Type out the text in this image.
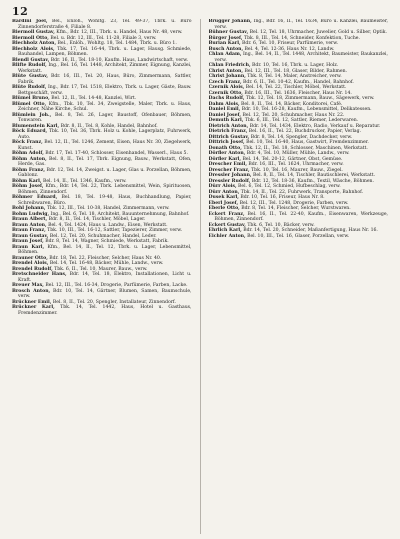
12

Bardini Joel, Bel., Enlöh., Wohltg. 23, Tel. 49-37, Tbrk. u. Büro Zinnendorferstraße 4, Filiale 8.

Biermoll Gustav, Kfm., Bdr. 12, III., Tbrk. u. Handel, Haus Nr. 48, verw.

Biermoll Otto, Bel. u. Bdr. 12, III., Tel. 11-28, Filiale 3, verw.

Blechholz Anton, Bel., Enlöh., Wohltg. 18, Tel. 1484, Tbrk. u. Büro 1.

Blechholz Alois, Tbk. 17, Tel. 16-44, Tbrk. u. Lager, Hausg. Schmiede, Bauhandel, Lampen, Böhmen.

Blendl Gustav, Bdr. 16, II., Tel. 18-10, Kaufm. Haus, Landwirtschaft, verw.

Blifte Rudolf, Ing., Bel. 16, Tel. 1448, Architekt, Zimmer, Eignung, Kanzlei, Werkstatt.

Blüte Gustav, Bdr. 16, III., Tel. 20, Haus, Büro, Zimmermann, Sattler, Fabrik.

Blüte Rudolf, Ing., Bdr. 17, Tel. 1518, Elektro, Tbrk. u. Lager, Gäste, Bauw. Bettgeschäft, verw.

Blümel Bruno, Bel. 12, II., Tel. 14-48, Kanzlei, Wirt.

Blümel Otto, Kfm., Tbk. 10, Tel. 34, Zweigstelle, Maler, Tbrk. u. Haus, Zeichner, Nähe Kirche, Schul.

Blümlein Joh., Bel. 8, Tel. 26, Lager, Baustoff, Ofenbauer, Böhmen, Tonwaren.

Blumenstein Karl, Bdr. 8, II., Tel. 8, Kohle, Handel, Bahnhof.

Böck Eduard, Tbk. 10, Tel. 36, Tbrk. Holz u. Kohle, Lagerplatz, Fuhrwerk, Auto.

Böck Franz, Bel. 12, II., Tel. 1246, Zement, Eisen, Haus Nr. 30, Ziegelwerk, Kunst.

Böhm Adolf, Bdr. 17, Tel. 17-40, Schlosser, Eisenhandel, Wasserl., Haus 5.

Böhm Anton, Bel. 8, II., Tel. 17, Tbrk. Eignung, Bauw., Werkstatt, Ofen, Herde, Gas.

Böhm Franz, Bdr. 12, Tel. 14, Zweigst. u. Lager, Glas u. Porzellan, Böhmen, Gablonz.

Böhm Karl, Bel. 14, II., Tel. 1346, Kaufm., verw.

Böhm Josef, Kfm., Bdr. 14, Tel. 22, Tbrk. Lebensmittel, Wein, Spirituosen, Böhmen, Zinnendorf.

Böhmer Eduard, Bel. 18, Tel. 19-48, Haus, Buchhandlung, Papier, Schreibwaren, Büro.

Bohl Johann, Tbk. 12, III., Tel. 10-38, Handel, Zimmermann, verw.

Bohm Ludwig, Ing., Bel. 6, Tel. 18, Architekt, Bauunternehmung, Bahnhof.

Braun Albert, Bdr. 8, II., Tel. 14, Tischler, Möbel, Lager.

Braun Anton, Bel. 4, Tel. 1424, Haus u. Landw., Eisen, Werkstatt.

Braun Franz, Tbk. 10, III., Tel. 16-12, Sattler, Tapezierer, Zimmer, verw.

Braun Gustav, Bel. 12, Tel. 20, Schuhmacher, Handel, Leder.

Braun Josef, Bdr. 8, Tel. 14, Wagner, Schmiede, Werkstatt, Fabrik.

Braun Karl, Kfm., Bel. 14, II., Tel. 12, Tbrk. u. Lager, Lebensmittel, Böhmen.

Brauner Otto, Bdr. 18, Tel. 22, Fleischer, Selcher, Haus Nr. 40.

Brendel Alois, Bel. 14, Tel. 16-48, Bäcker, Mühle, Landw., verw.

Brendel Rudolf, Tbk. 6, II., Tel. 10, Maurer, Bauw., verw.

Bretschneider Hans, Bdr. 14, Tel. 18, Elektro, Installationen, Licht u. Kraft.

Breuer Max, Bel. 12, III., Tel. 16-34, Drogerie, Parfümerie, Farben, Lacke.

Brosch Anton, Bdr. 10, Tel. 14, Gärtner, Blumen, Samen, Baumschule, verw.

Brückner Emil, Bel. 8, II., Tel. 20, Spengler, Installateur, Zinnendorf.

Brückner Karl, Tbk. 14, Tel. 1442, Haus, Hotel u. Gasthaus, Fremdenzimmer.

Brugger Johann, Ing., Bdr. 16, II., Tel. 1634, Büro u. Kanzlei, Baumeister, verw.

Bühner Gustav, Bel. 12, Tel. 18, Uhrmacher, Juwelier, Gold u. Silber, Optik.

Bürger Josef, Tbk. 8, III., Tel. 14, Schneider, Konfektion, Tuche.

Burian Karl, Bdr. 6, Tel. 10, Friseur, Parfümerie, verw.

Busch Anton, Bel. 4, Tel. 12-36, Haus Nr. 12, Landw.

Chlan Adam, Ing., Bel. 14, II., Tel. 1448, Architekt, Baumeister, Baukanzlei, verw.

Chlan Friedrich, Bdr. 10, Tel. 16, Tbrk. u. Lager, Holz.

Christ Anton, Bel. 12, III., Tel. 18, Glaser, Bilder, Rahmen.

Christ Johann, Tbk. 8, Tel. 14, Maler, Anstreicher, verw.

Czech Franz, Bdr. 6, II., Tel. 10-42, Kaufm., Handel, Bahnhof.

Czernik Alois, Bel. 14, Tel. 22, Tischler, Möbel, Werkstatt.

Czernik Otto, Bdr. 16, III., Tel. 1636, Fleischer, Haus Nr. 14.

Dachs Rudolf, Tbk. 12, Tel. 18, Zimmermann, Bauw., Sägewerk, verw.

Dahm Alois, Bel. 8, II., Tel. 14, Bäcker, Konditorei, Café.

Daniel Emil, Bdr. 10, Tel. 16-28, Kaufm., Lebensmittel, Delikatessen.

Daniel Josef, Bel. 12, Tel. 20, Schuhmacher, Haus Nr. 22.

Demuth Karl, Tbk. 6, III., Tel. 12, Sattler, Riemer, Lederwaren.

Dietrich Anton, Bdr. 14, Tel. 1434, Elektro, Radio, Verkauf u. Reparatur.

Dietrich Franz, Bel. 16, II., Tel. 22, Buchdrucker, Papier, Verlag.

Dittrich Gustav, Bdr. 8, Tel. 14, Spengler, Dachdecker, verw.

Dittrich Josef, Bel. 10, Tel. 16-40, Haus, Gastwirt, Fremdenzimmer.

Donath Otto, Tbk. 12, II., Tel. 18, Schlosser, Maschinen, Werkstatt.

Dörfler Anton, Bdr. 4, Tel. 10, Müller, Mühle, Landw., verw.

Dörfler Karl, Bel. 14, Tel. 20-12, Gärtner, Obst, Gemüse.

Drescher Emil, Bdr. 16, III., Tel. 1624, Uhrmacher, verw.

Drescher Franz, Tbk. 10, Tel. 16, Maurer, Bauw., Ziegel.

Dressler Johann, Bel. 8, II., Tel. 14, Tischler, Bautischlerei, Werkstatt.

Dressler Rudolf, Bdr. 12, Tel. 18-36, Kaufm., Textil, Wäsche, Böhmen.

Dürr Alois, Bel. 6, Tel. 12, Schmied, Hufbeschlag, verw.

Dürr Anton, Tbk. 14, II., Tel. 22, Fuhrwerk, Transporte, Bahnhof.

Dusek Karl, Bdr. 10, Tel. 16, Friseur, Haus Nr. 8.

Eberl Josef, Bel. 12, III., Tel. 1248, Drogerie, Farben, verw.

Eberle Otto, Bdr. 8, Tel. 14, Fleischer, Selcher, Wurstwaren.

Eckert Franz, Bel. 16, II., Tel. 22-40, Kaufm., Eisenwaren, Werkzeuge, Böhmen, Zinnendorf.

Eckert Gustav, Tbk. 6, Tel. 10, Bäcker, verw.

Ehrlich Karl, Bdr. 14, Tel. 20, Schneider, Maßanfertigung, Haus Nr. 16.

Eichler Anton, Bel. 10, III., Tel. 16, Glaser, Porzellan, verw.
